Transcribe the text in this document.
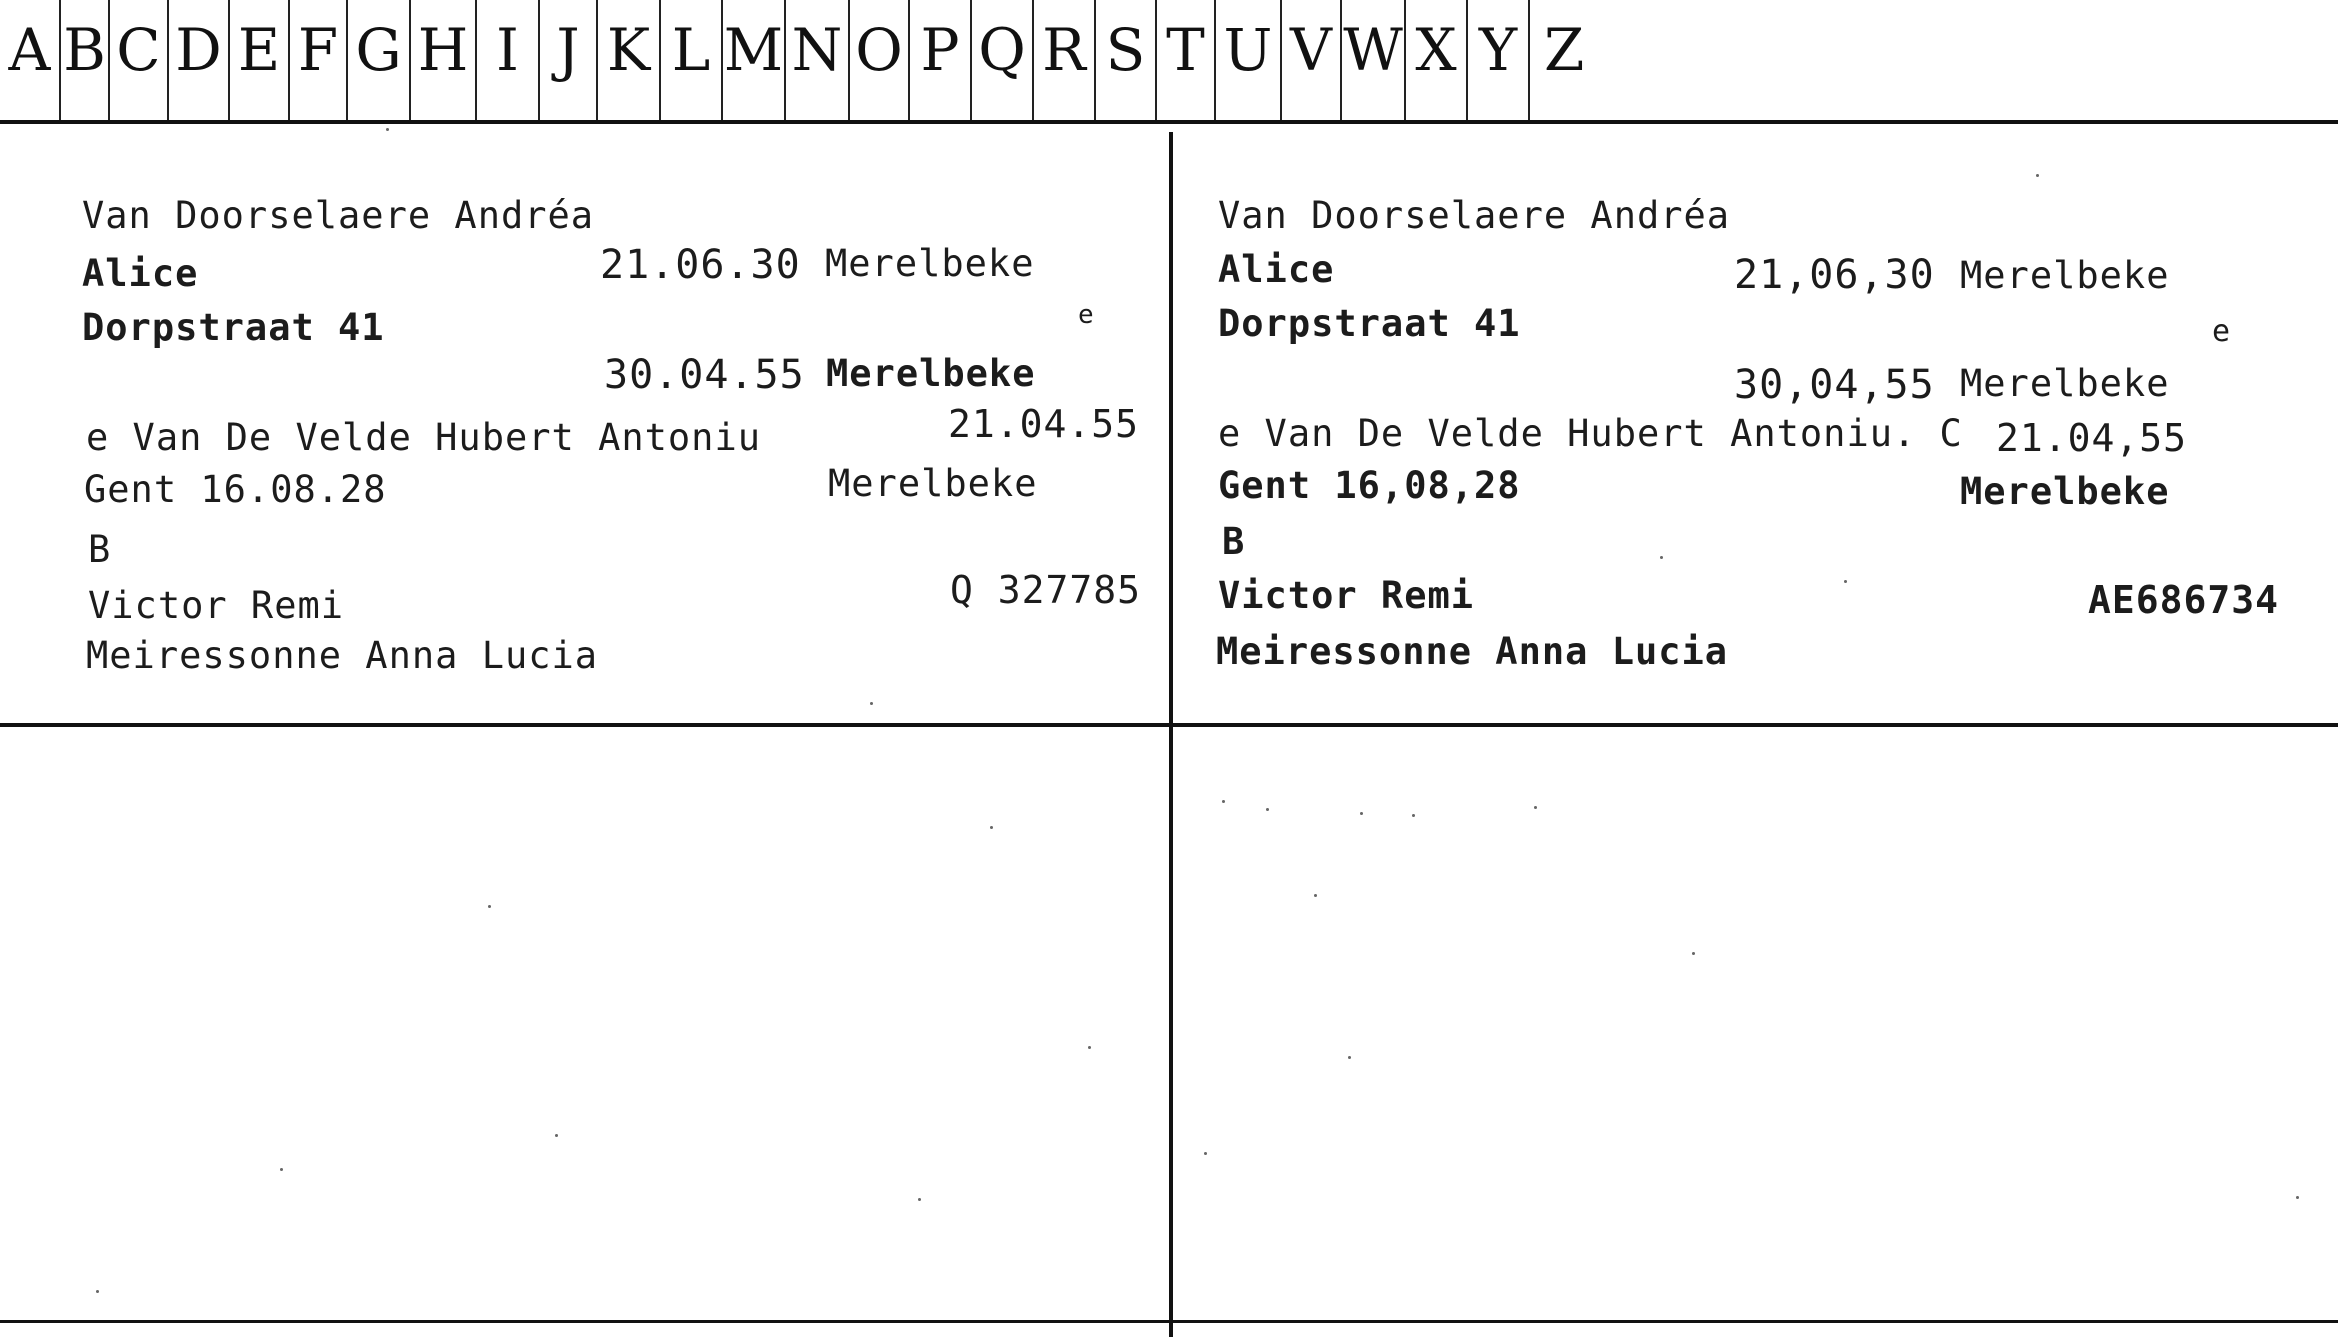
A B C D E F G H I J K L M N O P Q R S T U V W X Y Z
Van Doorselaere Andréa
Alice	21.06.30 Merelbeke
Dorpstraat 41	e
30.04.55 Merelbeke
e Van De Velde Hubert Antoniu	21.04.55
Gent 16.08.28	Merelbeke
B
Victor Remi	Q 327785
Meiressonne Anna Lucia
Van Doorselaere Andréa
Alice	21,06,30 Merelbeke
Dorpstraat 41	e
30,04,55 Merelbeke
e Van De Velde Hubert Antoniu. C 21.04,55
Gent 16,08,28	Merelbeke
B
Victor Remi	AE686734
Meiressonne Anna Lucia
